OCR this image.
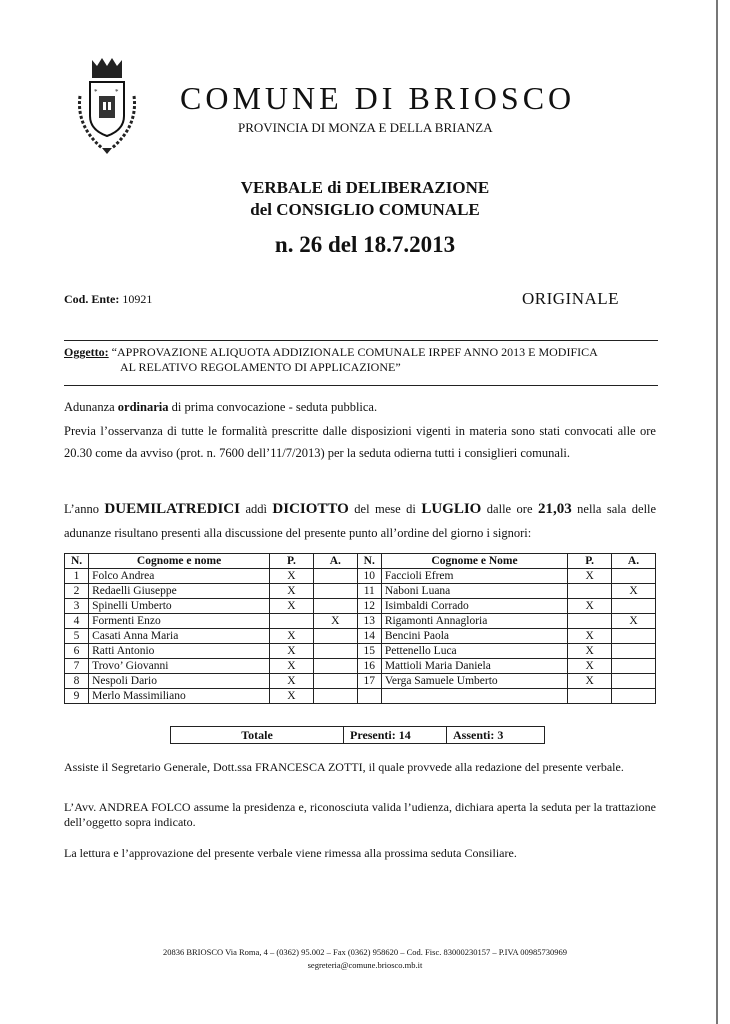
*	* COMUNE DI BRIOSCO
PROVINCIA DI MONZA E DELLA BRIANZA
VERBALE di DELIBERAZIONE
del CONSIGLIO COMUNALE
n. 26 del 18.7.2013
Cod. Ente: 10921	ORIGINALE
Oggetto: “APPROVAZIONE ALIQUOTA ADDIZIONALE COMUNALE IRPEF ANNO 2013 E MODIFICA
AL RELATIVO REGOLAMENTO DI APPLICAZIONE”
Adunanza ordinaria di prima convocazione - seduta pubblica.
Previa l’osservanza di tutte le formalità prescritte dalle disposizioni vigenti in materia sono stati convocati alle ore 20.30 come da avviso (prot. n. 7600 dell’11/7/2013) per la seduta odierna tutti i consiglieri comunali.
L’anno DUEMILATREDICI addì DICIOTTO del mese di LUGLIO dalle ore 21,03 nella sala delle adunanze risultano presenti alla discussione del presente punto all’ordine del giorno i signori:
N.	Cognome e nome	P.	A.	N.	Cognome e Nome	P.	A.
1	Folco Andrea	X		10	Faccioli Efrem	X	
2	Redaelli Giuseppe	X		11	Naboni Luana		X
3	Spinelli Umberto	X		12	Isimbaldi Corrado	X	
4	Formenti Enzo		X	13	Rigamonti Annagloria		X
5	Casati Anna Maria	X		14	Bencini Paola	X	
6	Ratti Antonio	X		15	Pettenello Luca	X	
7	Trovo’ Giovanni	X		16	Mattioli Maria Daniela	X	
8	Nespoli Dario	X		17	Verga Samuele Umberto	X	
9	Merlo Massimiliano	X					
Totale	Presenti: 14	Assenti: 3
Assiste il Segretario Generale, Dott.ssa FRANCESCA ZOTTI, il quale provvede alla redazione del presente verbale.
L’Avv. ANDREA FOLCO assume la presidenza e, riconosciuta valida l’udienza, dichiara aperta la seduta per la trattazione dell’oggetto sopra indicato.
La lettura e l’approvazione del presente verbale viene rimessa alla prossima seduta Consiliare.
20836 BRIOSCO Via Roma, 4 – (0362) 95.002 – Fax (0362) 958620 – Cod. Fisc. 83000230157 – P.IVA 00985730969
segreteria@comune.briosco.mb.it
